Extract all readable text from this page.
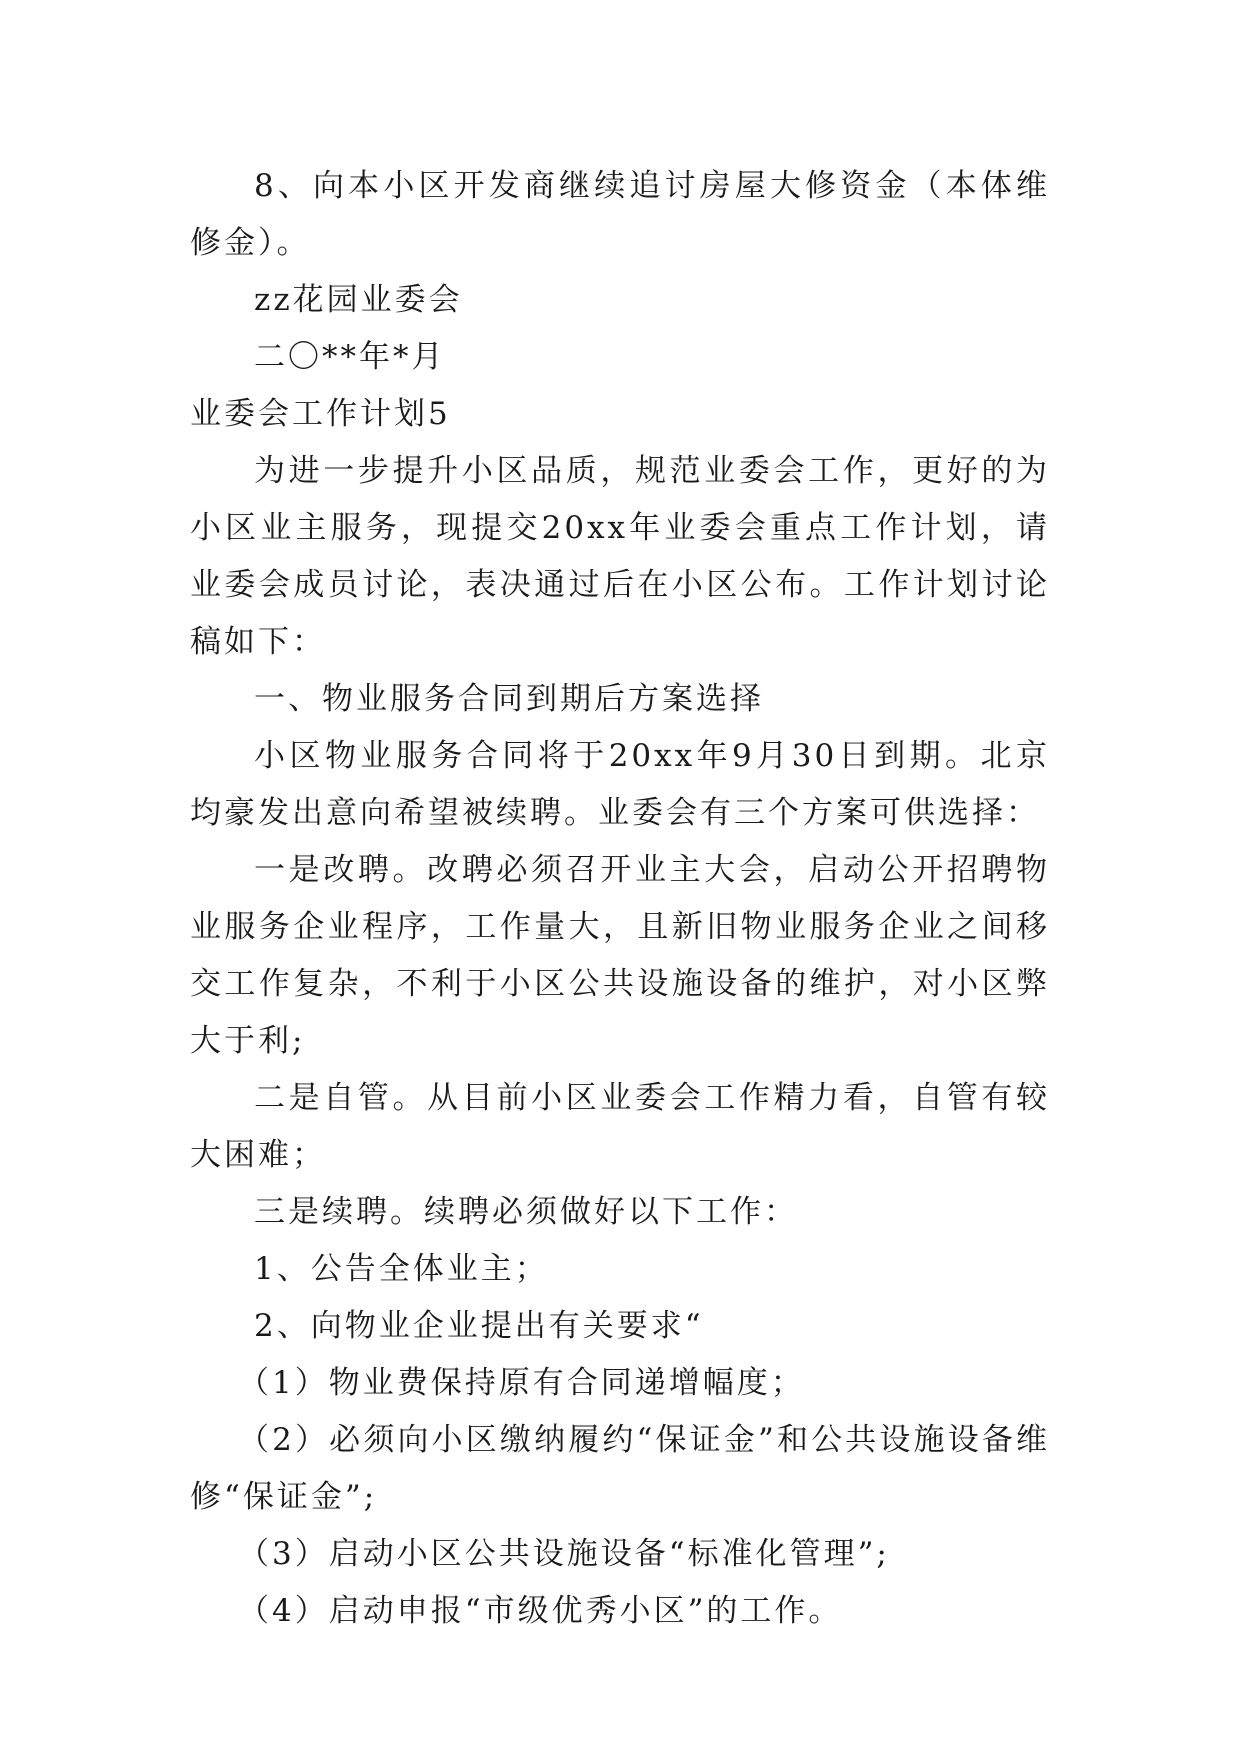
8、向本小区开发商继续追讨房屋大修资金（本体维修金）。

zz花园业委会

二〇**年*月

业委会工作计划5

为进一步提升小区品质，规范业委会工作，更好的为小区业主服务，现提交20xx年业委会重点工作计划，请业委会成员讨论，表决通过后在小区公布。工作计划讨论稿如下：

一、物业服务合同到期后方案选择

小区物业服务合同将于20xx年9月30日到期。北京均豪发出意向希望被续聘。业委会有三个方案可供选择：

一是改聘。改聘必须召开业主大会，启动公开招聘物业服务企业程序，工作量大，且新旧物业服务企业之间移交工作复杂，不利于小区公共设施设备的维护，对小区弊大于利;

二是自管。从目前小区业委会工作精力看，自管有较大困难；

三是续聘。续聘必须做好以下工作：

1、公告全体业主；

2、向物业企业提出有关要求“

（1）物业费保持原有合同递增幅度；

（2）必须向小区缴纳履约“保证金”和公共设施设备维修“保证金”;

（3）启动小区公共设施设备“标准化管理”;

（4）启动申报“市级优秀小区”的工作。
